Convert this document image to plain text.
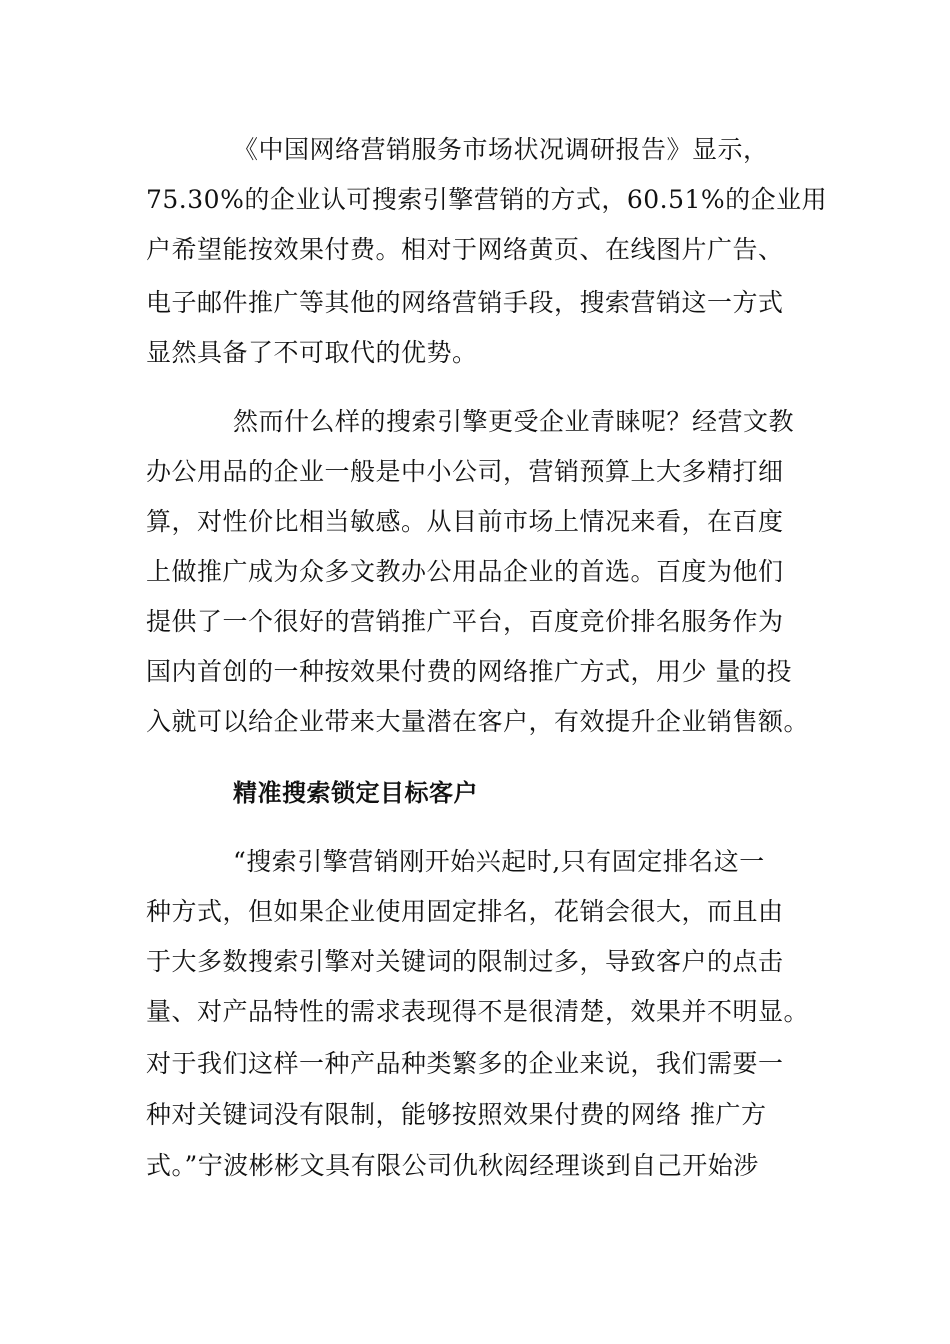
《中国网络营销服务市场状况调研报告》显示，
75.30%的企业认可搜索引擎营销的方式，60.51%的企业用
户希望能按效果付费。相对于网络黄页、在线图片广告、
电子邮件推广等其他的网络营销手段，搜索营销这一方式
显然具备了不可取代的优势。
然而什么样的搜索引擎更受企业青睐呢？经营文教
办公用品的企业一般是中小公司，营销预算上大多精打细
算，对性价比相当敏感。从目前市场上情况来看，在百度
上做推广成为众多文教办公用品企业的首选。百度为他们
提供了一个很好的营销推广平台，百度竞价排名服务作为
国内首创的一种按效果付费的网络推广方式，用少 量的投
入就可以给企业带来大量潜在客户，有效提升企业销售额。
精准搜索锁定目标客户
“搜索引擎营销刚开始兴起时,只有固定排名这一
种方式，但如果企业使用固定排名，花销会很大，而且由
于大多数搜索引擎对关键词的限制过多，导致客户的点击
量、对产品特性的需求表现得不是很清楚，效果并不明显。
对于我们这样一种产品种类繁多的企业来说，我们需要一
种对关键词没有限制，能够按照效果付费的网络 推广方
式。”宁波彬彬文具有限公司仇秋闳经理谈到自己开始涉
